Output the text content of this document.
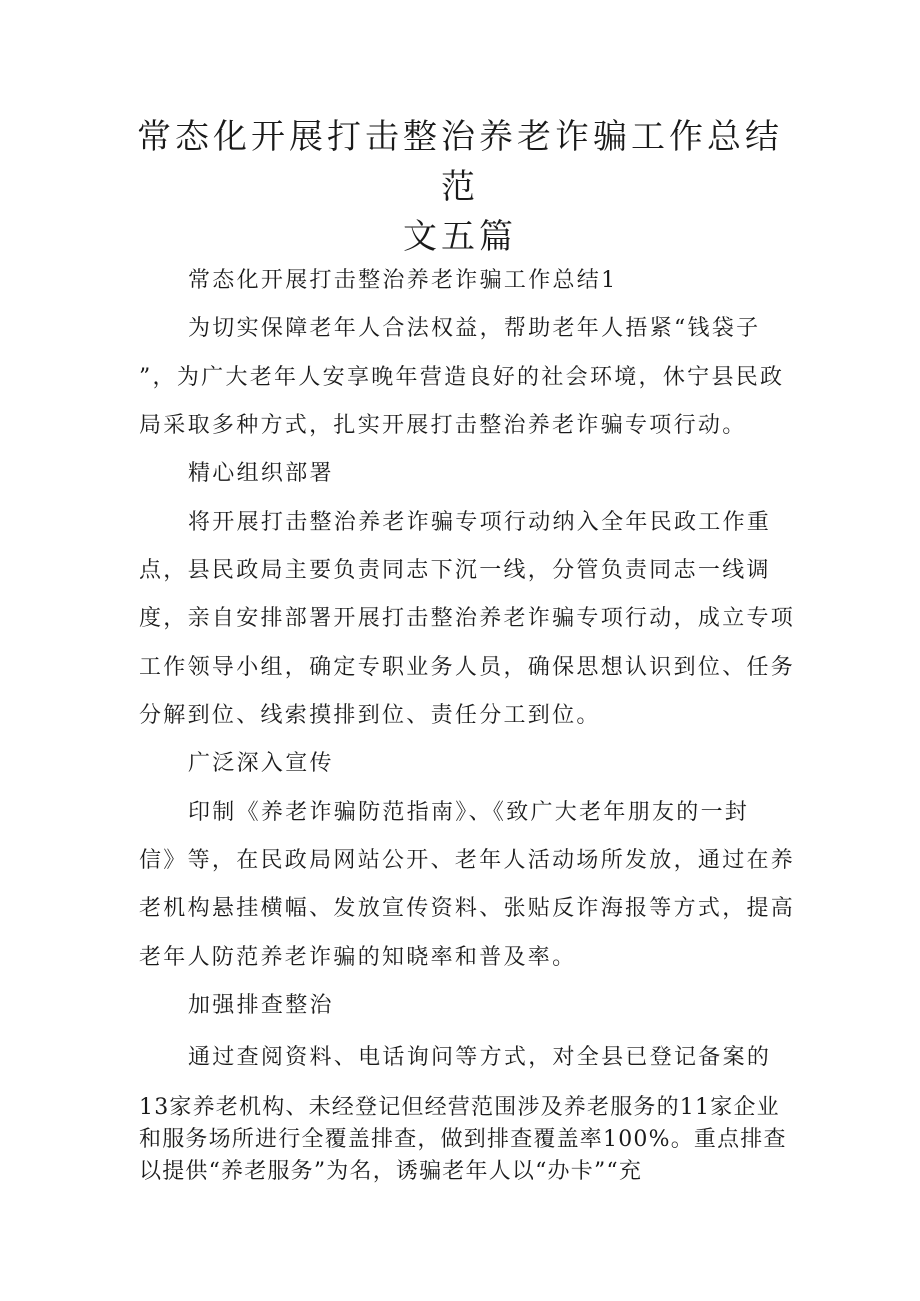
常态化开展打击整治养老诈骗工作总结范
文五篇

常态化开展打击整治养老诈骗工作总结1

为切实保障老年人合法权益，帮助老年人捂紧“钱袋子

”，为广大老年人安享晚年营造良好的社会环境，休宁县民政

局采取多种方式，扎实开展打击整治养老诈骗专项行动。

精心组织部署

将开展打击整治养老诈骗专项行动纳入全年民政工作重

点，县民政局主要负责同志下沉一线，分管负责同志一线调

度，亲自安排部署开展打击整治养老诈骗专项行动，成立专项

工作领导小组，确定专职业务人员，确保思想认识到位、任务

分解到位、线索摸排到位、责任分工到位。

广泛深入宣传

印制《养老诈骗防范指南》、《致广大老年朋友的一封

信》等，在民政局网站公开、老年人活动场所发放，通过在养

老机构悬挂横幅、发放宣传资料、张贴反诈海报等方式，提高

老年人防范养老诈骗的知晓率和普及率。

加强排查整治

通过查阅资料、电话询问等方式，对全县已登记备案的

13家养老机构、未经登记但经营范围涉及养老服务的11家企业

和服务场所进行全覆盖排查，做到排查覆盖率100%。重点排查

以提供“养老服务”为名，诱骗老年人以“办卡”“充
